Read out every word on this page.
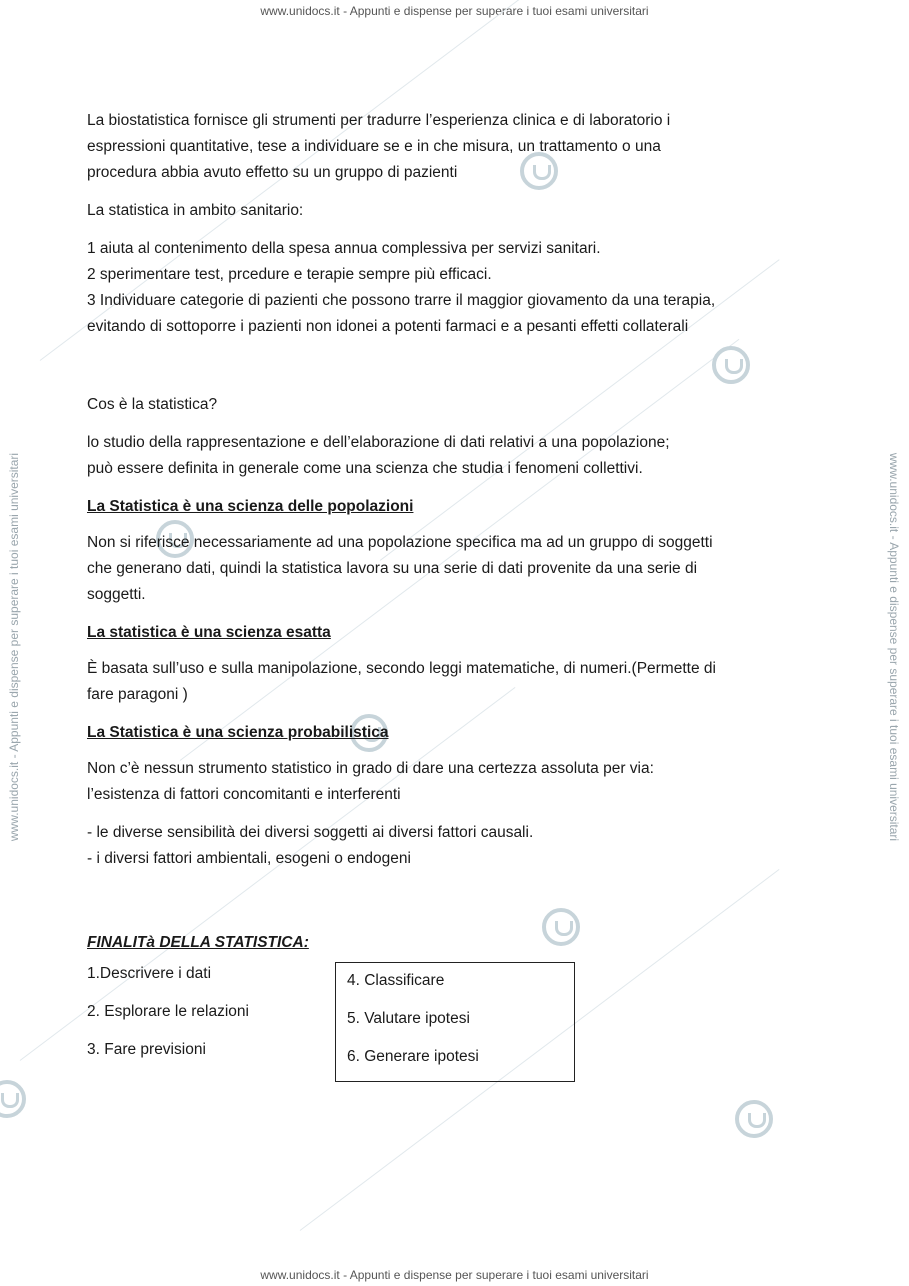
www.unidocs.it - Appunti e dispense per superare i tuoi esami universitari
www.unidocs.it - Appunti e dispense per superare i tuoi esami universitari
www.unidocs.it - Appunti e dispense per superare i tuoi esami universitari	www.unidocs.it - Appunti e dispense per superare i tuoi esami universitari
La biostatistica fornisce gli strumenti per tradurre l’esperienza clinica e di laboratorio i
espressioni quantitative, tese a individuare se e in che misura, un trattamento o una
procedura abbia avuto effetto su un gruppo di pazienti
La statistica in ambito sanitario:
1 aiuta al contenimento della spesa annua complessiva per servizi sanitari.
2 sperimentare test, prcedure e terapie sempre più efficaci.
3 Individuare categorie di pazienti che possono trarre il maggior giovamento da una terapia,
evitando di sottoporre i pazienti non idonei a potenti farmaci e a pesanti effetti collaterali
Cos è la statistica?
lo studio della rappresentazione e dell’elaborazione di dati relativi a una popolazione;
può essere definita in generale come una scienza che studia i fenomeni collettivi.
La Statistica è una scienza delle popolazioni
Non si riferisce necessariamente ad una popolazione specifica ma ad un gruppo di soggetti
che generano dati, quindi la statistica lavora su una serie di dati provenite da una serie di
soggetti.
La statistica è una scienza esatta
È basata sull’uso e sulla manipolazione, secondo leggi matematiche, di numeri.(Permette di
fare paragoni )
La Statistica è una scienza probabilistica
Non c’è nessun strumento statistico in grado di dare una certezza assoluta per via:
l’esistenza di fattori concomitanti e interferenti
- le diverse sensibilità dei diversi soggetti ai diversi fattori causali.
- i diversi fattori ambientali, esogeni o endogeni
FINALITà DELLA STATISTICA:
1.Descrivere i dati
2. Esplorare le relazioni
3. Fare previsioni
4. Classificare
5. Valutare ipotesi
6. Generare ipotesi
